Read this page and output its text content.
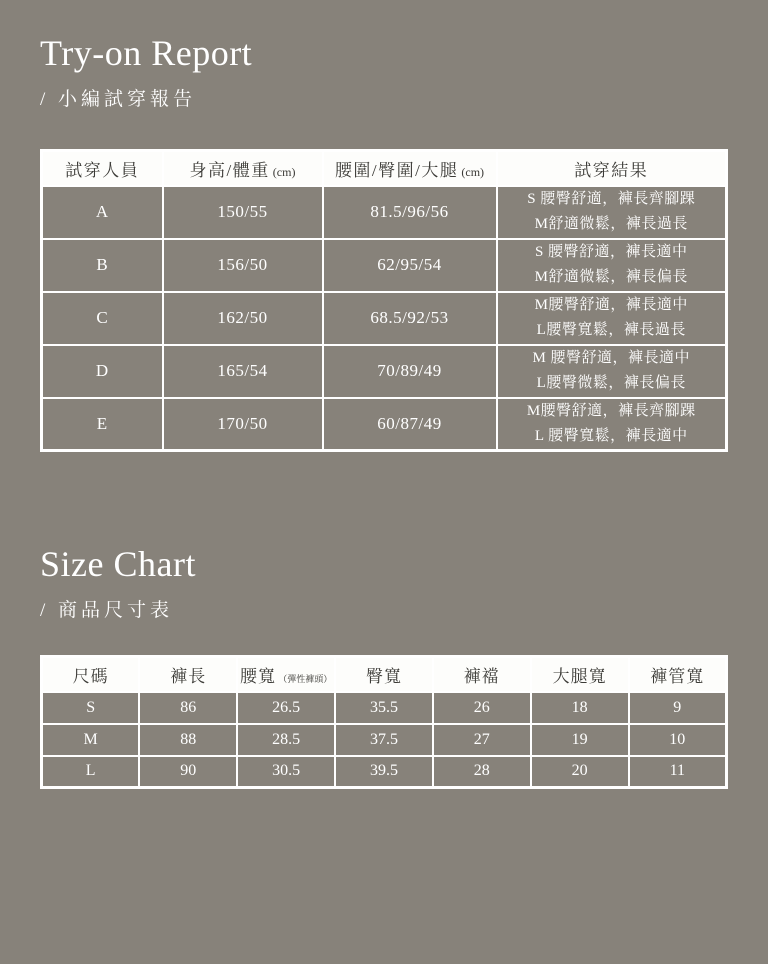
Try-on Report
/ 小編試穿報告
試穿人員	身高/體重 (cm)	腰圍/臀圍/大腿 (cm)	試穿結果
A	150/55	81.5/96/56	S 腰臀舒適，褲長齊腳踝
M舒適微鬆，褲長過長

B	156/50	62/95/54	S 腰臀舒適，褲長適中
M舒適微鬆，褲長偏長

C	162/50	68.5/92/53	M腰臀舒適，褲長適中
L腰臀寬鬆，褲長過長

D	165/54	70/89/49	M 腰臀舒適，褲長適中
L腰臀微鬆，褲長偏長

E	170/50	60/87/49	M腰臀舒適，褲長齊腳踝
L 腰臀寬鬆，褲長適中
Size Chart
/ 商品尺寸表
尺碼	褲長	腰寬 （彈性褲頭）	臀寬	褲襠	大腿寬	褲管寬
S	86	26.5	35.5	26	18	9
M	88	28.5	37.5	27	19	10
L	90	30.5	39.5	28	20	11
